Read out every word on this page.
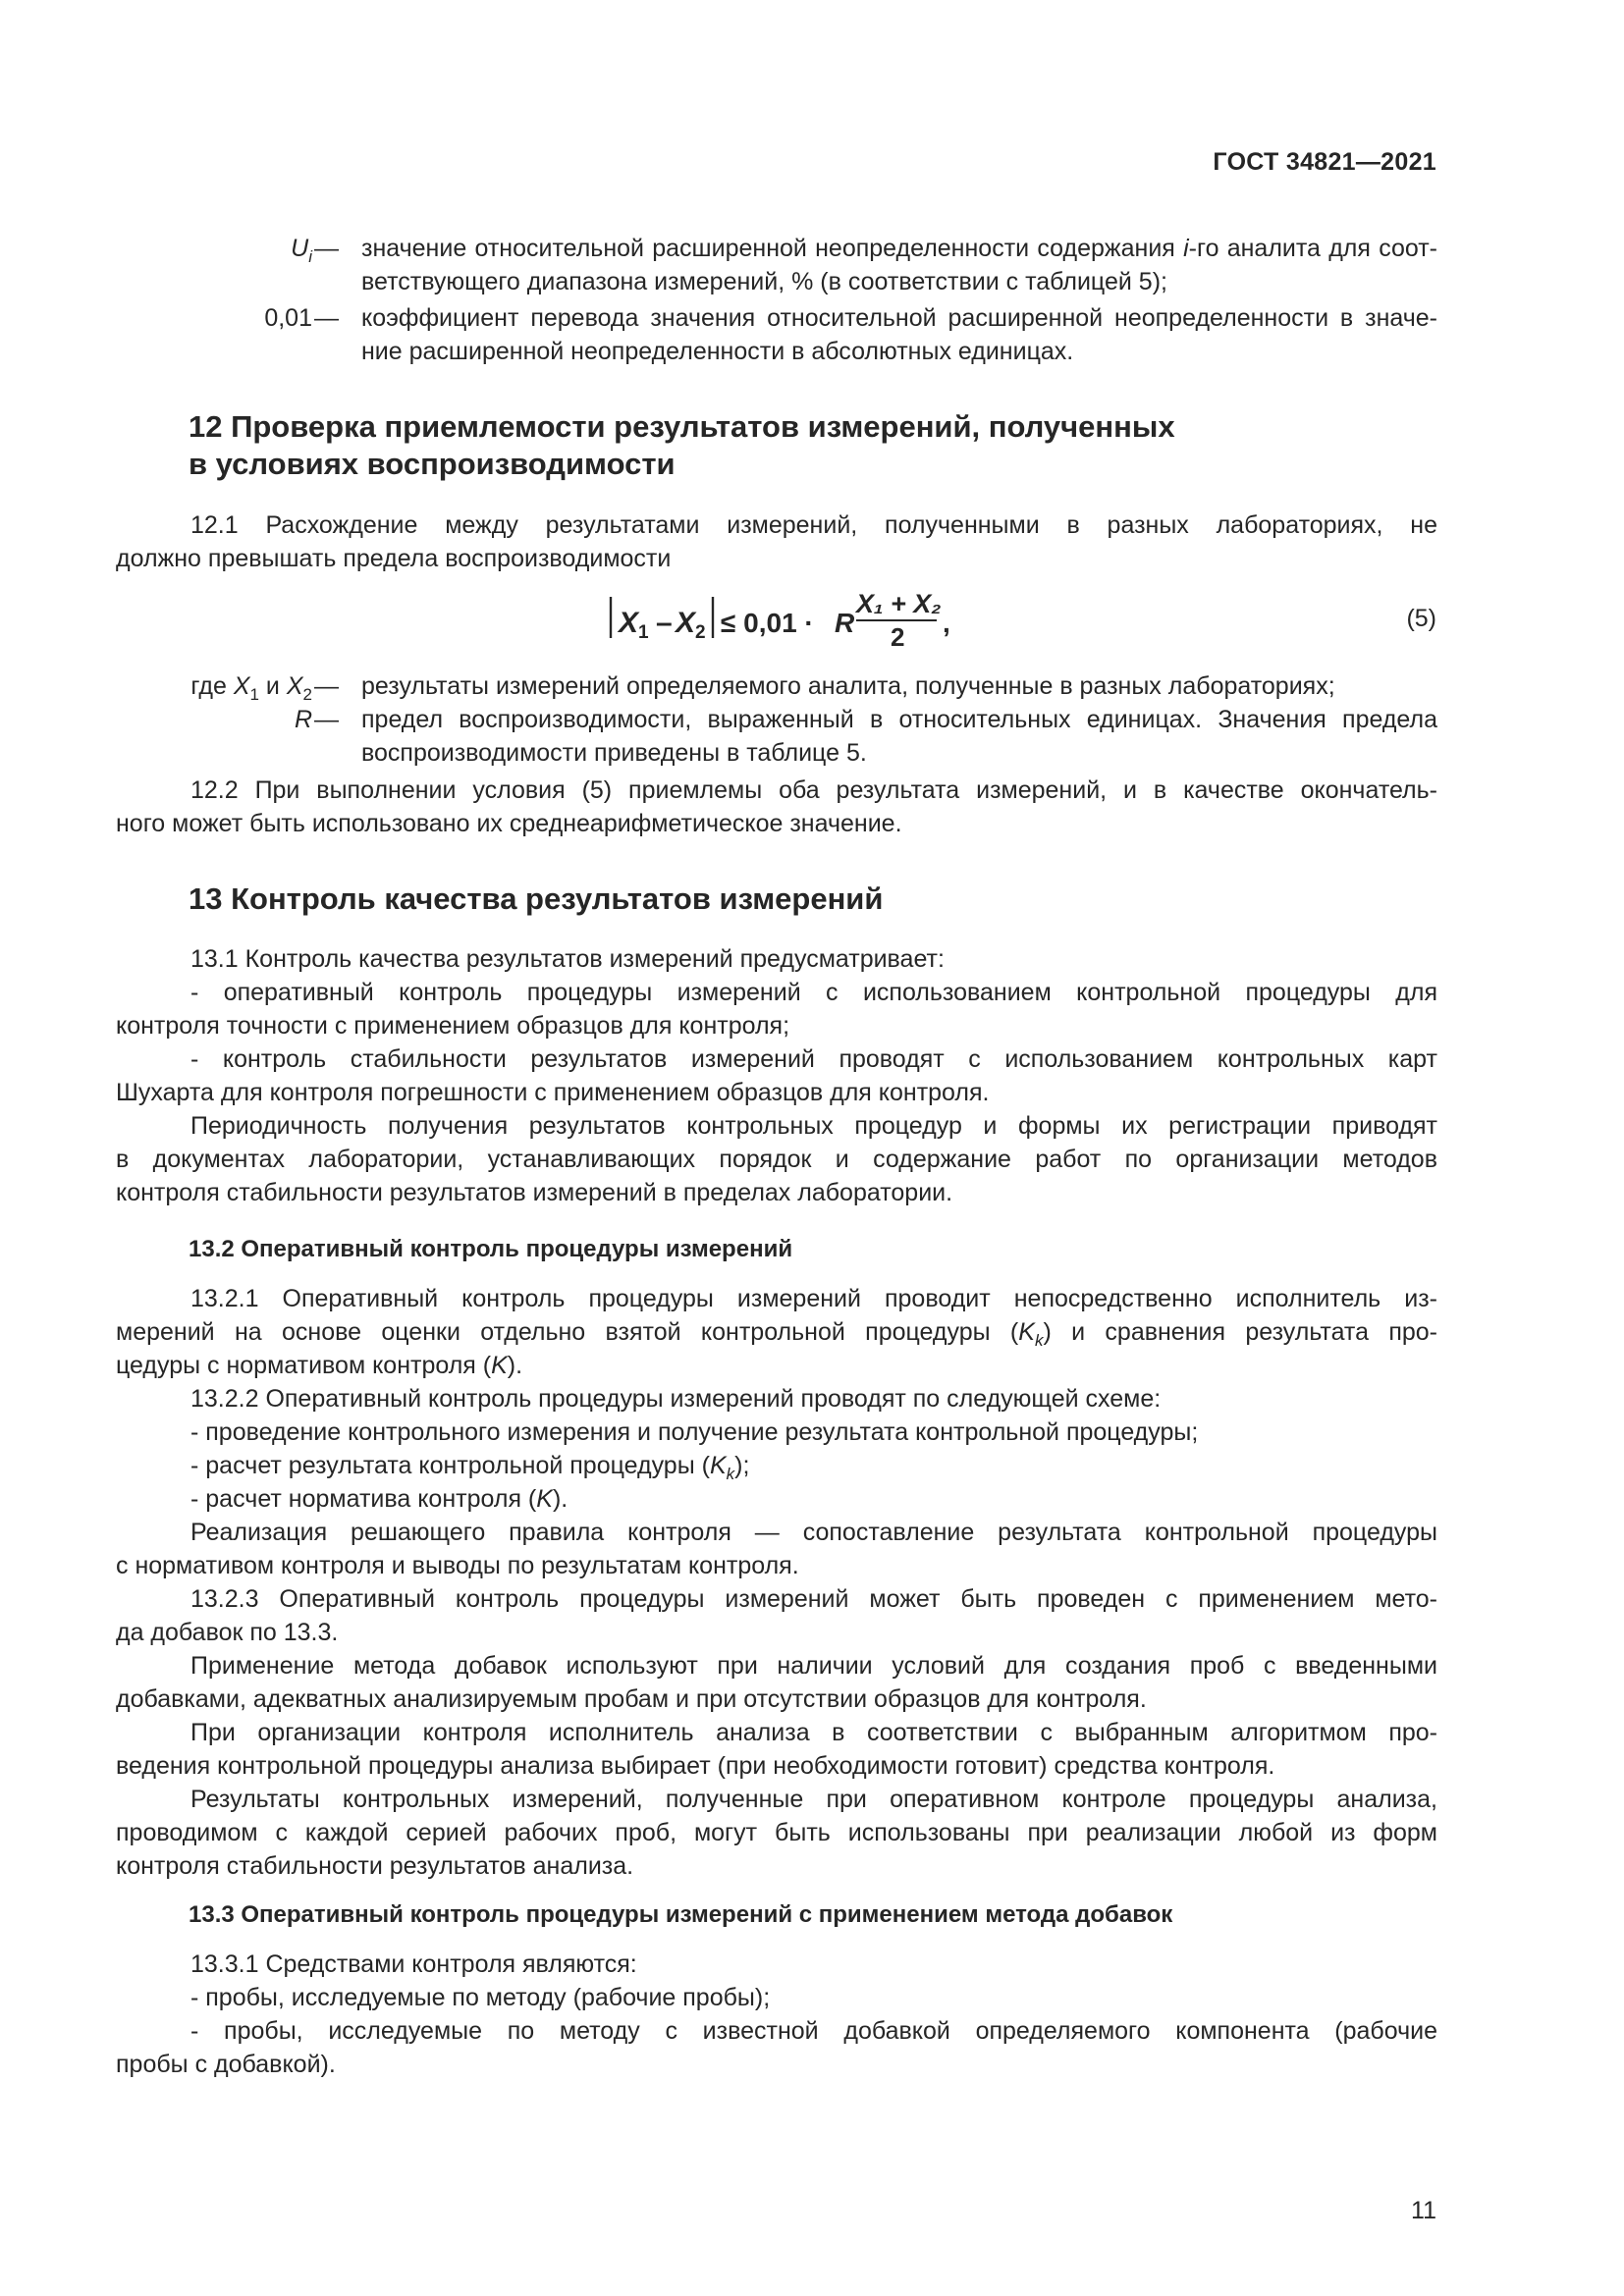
ГОСТ 34821—2021
$U_i$ — значение относительной расширенной неопределенности содержания i-го аналита для соот-
ветствующего диапазона измерений, % (в соответствии с таблицей 5);
0,01 — коэффициент перевода значения относительной расширенной неопределенности в значе-
ние расширенной неопределенности в абсолютных единицах.
12 Проверка приемлемости результатов измерений, полученных
в условиях воспроизводимости
12.1 Расхождение между результатами измерений, полученными в разных лабораториях, не
должно превышать предела воспроизводимости
X 1 – X 2 ≤ 0,01 · R
X₁ + X₂
2 ,	(5)
где $X_1$ и $X_2$ — результаты измерений определяемого аналита, полученные в разных лабораториях;
R — предел воспроизводимости, выраженный в относительных единицах. Значения предела
воспроизводимости приведены в таблице 5.
12.2 При выполнении условия (5) приемлемы оба результата измерений, и в качестве окончатель-
ного может быть использовано их среднеарифметическое значение.
13 Контроль качества результатов измерений
13.1 Контроль качества результатов измерений предусматривает:
- оперативный контроль процедуры измерений с использованием контрольной процедуры для
контроля точности с применением образцов для контроля;
- контроль стабильности результатов измерений проводят с использованием контрольных карт
Шухарта для контроля погрешности с применением образцов для контроля.
Периодичность получения результатов контрольных процедур и формы их регистрации приводят
в документах лаборатории, устанавливающих порядок и содержание работ по организации методов
контроля стабильности результатов измерений в пределах лаборатории.
13.2 Оперативный контроль процедуры измерений
13.2.1 Оперативный контроль процедуры измерений проводит непосредственно исполнитель из-
мерений на основе оценки отдельно взятой контрольной процедуры $(K_k)$ и сравнения результата про-
цедуры с нормативом контроля (K).
13.2.2 Оперативный контроль процедуры измерений проводят по следующей схеме:
- проведение контрольного измерения и получение результата контрольной процедуры;
- расчет результата контрольной процедуры $(K_k)$;
- расчет норматива контроля (K).
Реализация решающего правила контроля — сопоставление результата контрольной процедуры
с нормативом контроля и выводы по результатам контроля.
13.2.3 Оперативный контроль процедуры измерений может быть проведен с применением мето-
да добавок по 13.3.
Применение метода добавок используют при наличии условий для создания проб с введенными
добавками, адекватных анализируемым пробам и при отсутствии образцов для контроля.
При организации контроля исполнитель анализа в соответствии с выбранным алгоритмом про-
ведения контрольной процедуры анализа выбирает (при необходимости готовит) средства контроля.
Результаты контрольных измерений, полученные при оперативном контроле процедуры анализа,
проводимом с каждой серией рабочих проб, могут быть использованы при реализации любой из форм
контроля стабильности результатов анализа.
13.3 Оперативный контроль процедуры измерений с применением метода добавок
13.3.1 Средствами контроля являются:
- пробы, исследуемые по методу (рабочие пробы);
- пробы, исследуемые по методу с известной добавкой определяемого компонента (рабочие
пробы с добавкой).
11
